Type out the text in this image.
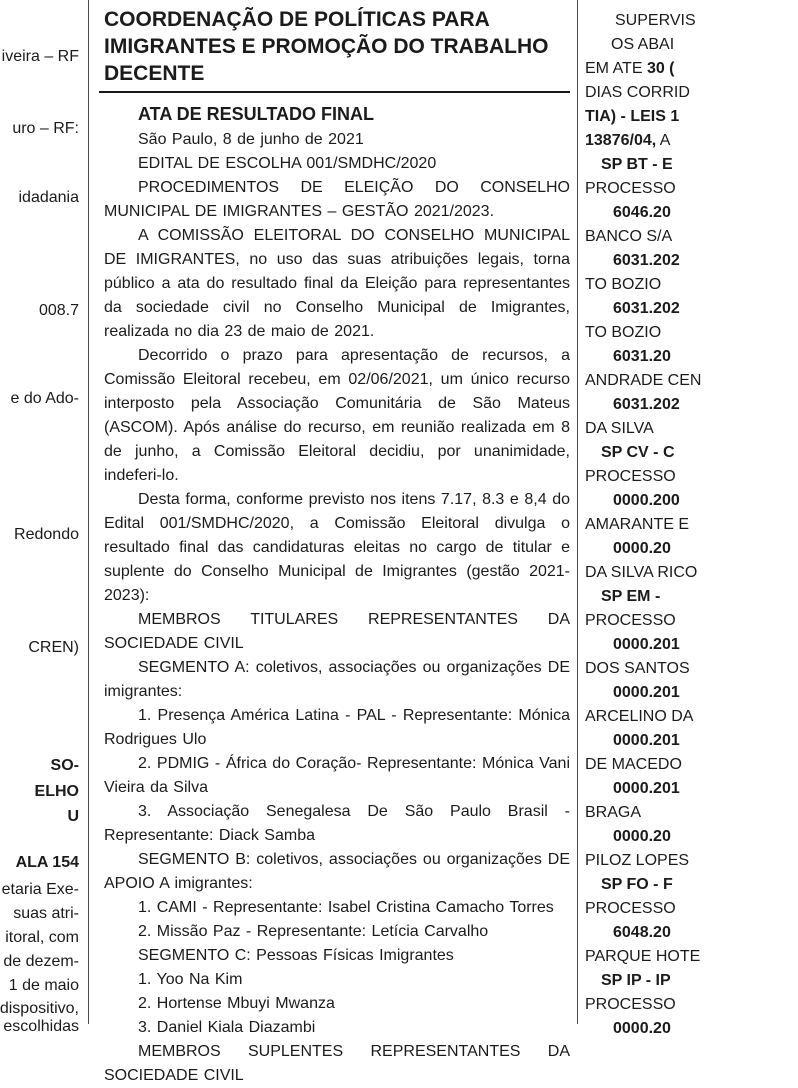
iveira – RF
uro – RF:
idadania
008.7
e do Ado-
Redondo
CREN)
SO-
ELHO
U
ALA 154
etaria Exe-
suas atri-
itoral, com
de dezem-
1 de maio
dispositivo,
escolhidas
COORDENAÇÃO DE POLÍTICAS PARA
IMIGRANTES E PROMOÇÃO DO TRABALHO
DECENTE
ATA DE RESULTADO FINAL

São Paulo, 8 de junho de 2021

EDITAL DE ESCOLHA 001/SMDHC/2020

PROCEDIMENTOS DE ELEIÇÃO DO CONSELHO MUNICIPAL DE IMIGRANTES – GESTÃO 2021/2023.

A COMISSÃO ELEITORAL DO CONSELHO MUNICIPAL DE IMIGRANTES, no uso das suas atribuições legais, torna público a ata do resultado final da Eleição para representantes da sociedade civil no Conselho Municipal de Imigrantes, realizada no dia 23 de maio de 2021.

Decorrido o prazo para apresentação de recursos, a Comissão Eleitoral recebeu, em 02/06/2021, um único recurso interposto pela Associação Comunitária de São Mateus (ASCOM). Após análise do recurso, em reunião realizada em 8 de junho, a Comissão Eleitoral decidiu, por unanimidade, indeferi-lo.

Desta forma, conforme previsto nos itens 7.17, 8.3 e 8,4 do Edital 001/SMDHC/2020, a Comissão Eleitoral divulga o resultado final das candidaturas eleitas no cargo de titular e suplente do Conselho Municipal de Imigrantes (gestão 2021-2023):

MEMBROS TITULARES REPRESENTANTES DA SOCIEDADE CIVIL

SEGMENTO A: coletivos, associações ou organizações DE imigrantes:

1. Presença América Latina - PAL - Representante: Mónica Rodrigues Ulo

2. PDMIG - África do Coração- Representante: Mónica Vani Vieira da Silva

3. Associação Senegalesa De São Paulo Brasil - Representante: Diack Samba

SEGMENTO B: coletivos, associações ou organizações DE APOIO A imigrantes:

1. CAMI - Representante: Isabel Cristina Camacho Torres

2. Missão Paz - Representante: Letícia Carvalho

SEGMENTO C: Pessoas Físicas Imigrantes

1. Yoo Na Kim

2. Hortense Mbuyi Mwanza

3. Daniel Kiala Diazambi

MEMBROS SUPLENTES REPRESENTANTES DA SOCIEDADE CIVIL

SUPERVIS
OS ABAI
EM ATE 30 (
DIAS CORRID
TIA) - LEIS 1
13876/04, A
SP BT - E
PROCESSO
6046.20
BANCO S/A
6031.202
TO BOZIO
6031.202
TO BOZIO
6031.20
ANDRADE CEN
6031.202
DA SILVA
SP CV - C
PROCESSO
0000.200
AMARANTE E
0000.20
DA SILVA RICO
SP EM -
PROCESSO
0000.201
DOS SANTOS
0000.201
ARCELINO DA
0000.201
DE MACEDO
0000.201
BRAGA
0000.20
PILOZ LOPES
SP FO - F
PROCESSO
6048.20
PARQUE HOTE
SP IP - IP
PROCESSO
0000.20
